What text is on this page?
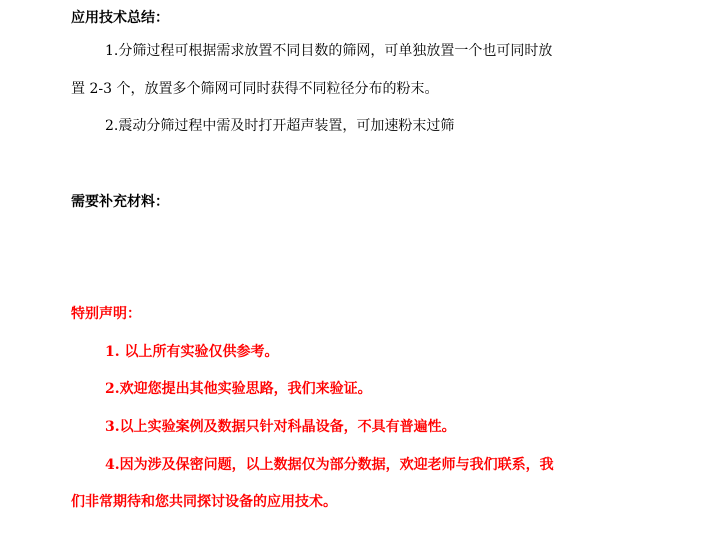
应用技术总结：
1.分筛过程可根据需求放置不同目数的筛网，可单独放置一个也可同时放
置 2-3 个，放置多个筛网可同时获得不同粒径分布的粉末。
2.震动分筛过程中需及时打开超声装置，可加速粉末过筛
需要补充材料：
特别声明：
1. 以上所有实验仅供参考。
2.欢迎您提出其他实验思路，我们来验证。
3.以上实验案例及数据只针对科晶设备，不具有普遍性。
4.因为涉及保密问题，以上数据仅为部分数据，欢迎老师与我们联系，我
们非常期待和您共同探讨设备的应用技术。
